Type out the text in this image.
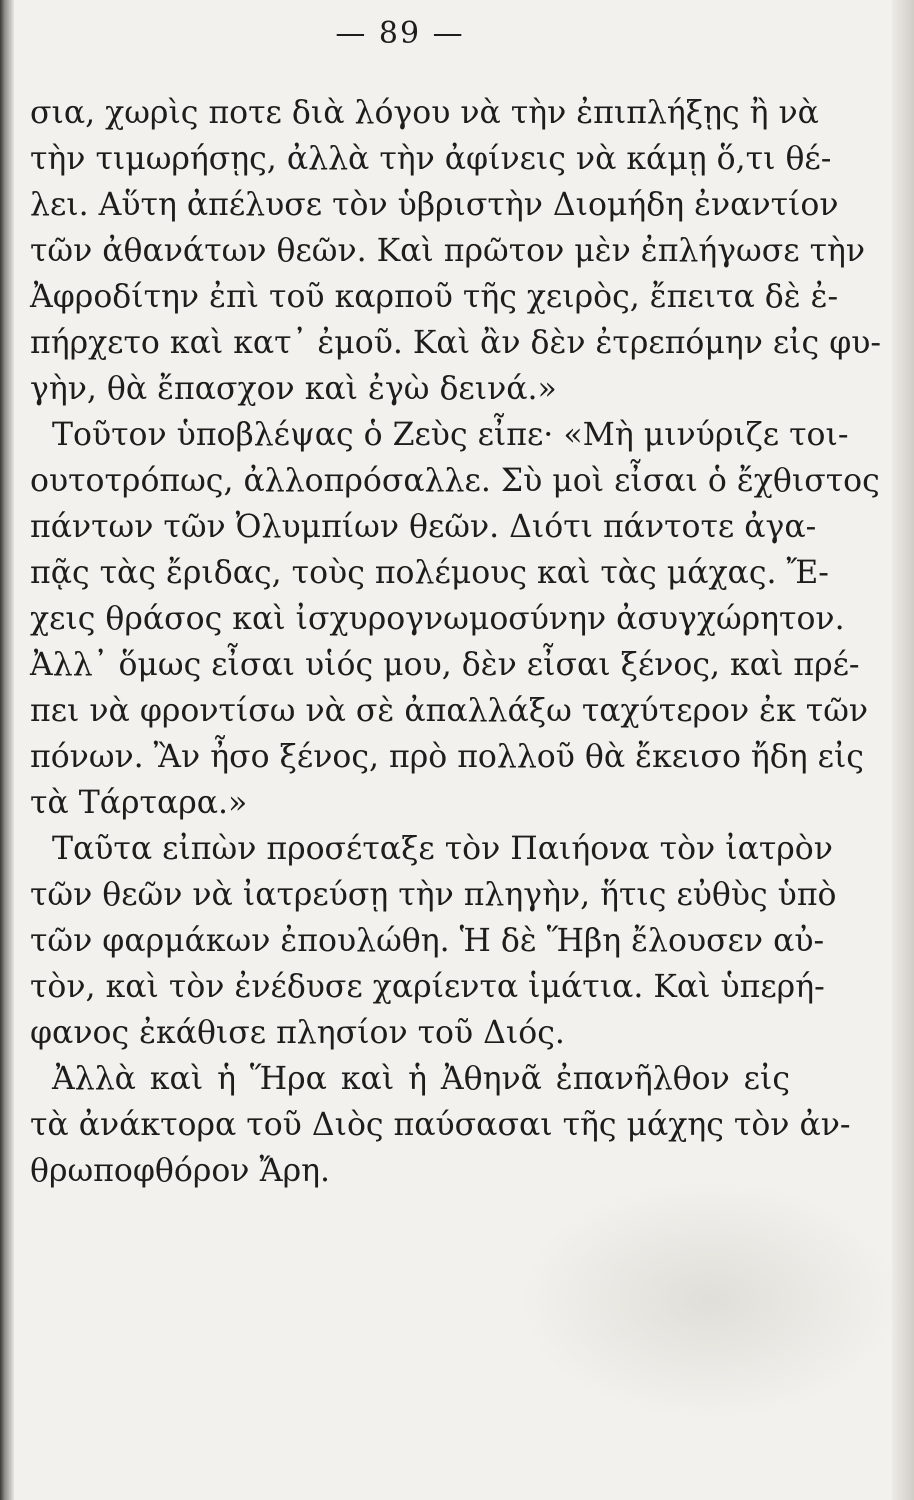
— 89 —
σια, χωρὶς ποτε διὰ λόγου νὰ τὴν ἐπιπλήξῃς ἢ νὰ
τὴν τιμωρήσῃς, ἀλλὰ τὴν ἀφίνεις νὰ κάμῃ ὅ,τι θέ-
λει. Αὕτη ἀπέλυσε τὸν ὑβριστὴν Διομήδη ἐναντίον
τῶν ἀθανάτων θεῶν. Καὶ πρῶτον μὲν ἐπλήγωσε τὴν
Ἀφροδίτην ἐπὶ τοῦ καρποῦ τῆς χειρὸς, ἔπειτα δὲ ἐ-
πήρχετο καὶ κατ᾽ ἐμοῦ. Καὶ ἂν δὲν ἐτρεπόμην εἰς φυ-
γὴν, θὰ ἔπασχον καὶ ἐγὼ δεινά.»
Τοῦτον ὑποβλέψας ὁ Ζεὺς εἶπε· «Μὴ μινύριζε τοι-
ουτοτρόπως, ἀλλοπρόσαλλε. Σὺ μοὶ εἶσαι ὁ ἔχθιστος
πάντων τῶν Ὀλυμπίων θεῶν. Διότι πάντοτε ἀγα-
πᾷς τὰς ἔριδας, τοὺς πολέμους καὶ τὰς μάχας. Ἔ-
χεις θράσος καὶ ἰσχυρογνωμοσύνην ἀσυγχώρητον.
Ἀλλ᾽ ὅμως εἶσαι υἱός μου, δὲν εἶσαι ξένος, καὶ πρέ-
πει νὰ φροντίσω νὰ σὲ ἀπαλλάξω ταχύτερον ἐκ τῶν
πόνων. Ἂν ἦσο ξένος, πρὸ πολλοῦ θὰ ἔκεισο ἤδη εἰς
τὰ Τάρταρα.»
Ταῦτα εἰπὼν προσέταξε τὸν Παιήονα τὸν ἰατρὸν
τῶν θεῶν νὰ ἰατρεύσῃ τὴν πληγὴν, ἥτις εὐθὺς ὑπὸ
τῶν φαρμάκων ἐπουλώθη. Ἡ δὲ Ἥβη ἔλουσεν αὐ-
τὸν, καὶ τὸν ἐνέδυσε χαρίεντα ἱμάτια. Καὶ ὑπερή-
φανος ἐκάθισε πλησίον τοῦ Διός.
Ἀλλὰ καὶ ἡ Ἥρα καὶ ἡ Ἀθηνᾶ ἐπανῆλθον εἰς
τὰ ἀνάκτορα τοῦ Διὸς παύσασαι τῆς μάχης τὸν ἀν-
θρωποφθόρον Ἄρη.
